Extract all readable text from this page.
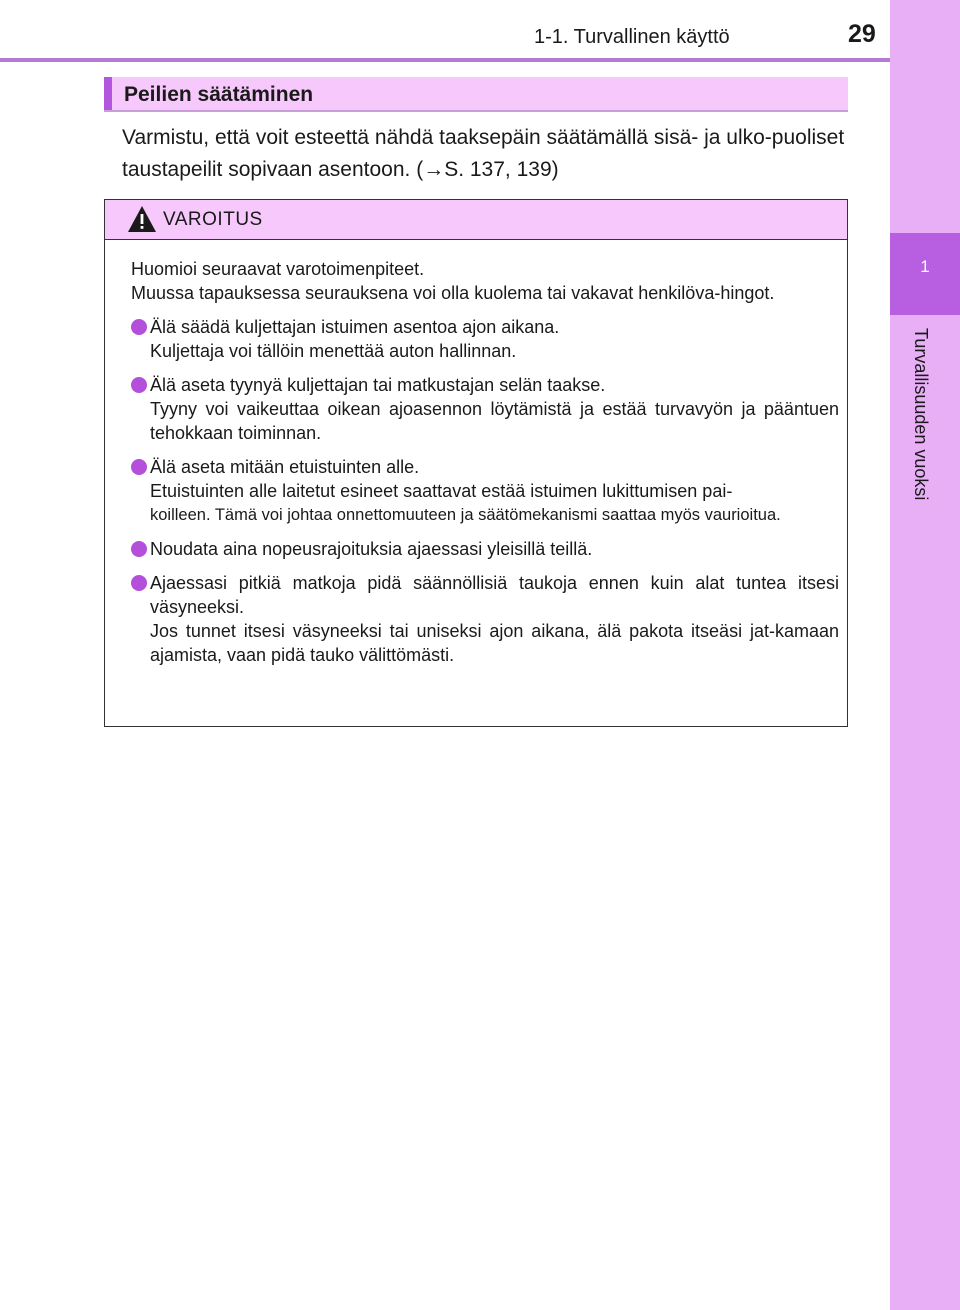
1-1. Turvallinen käyttö	29
1
Turvallisuuden vuoksi
Peilien säätäminen
Varmistu, että voit esteettä nähdä taaksepäin säätämällä sisä- ja ulko-puoliset taustapeilit sopivaan asentoon. (→S. 137, 139)
VAROITUS
Huomioi seuraavat varotoimenpiteet.
Muussa tapauksessa seurauksena voi olla kuolema tai vakavat henkilöva-hingot.
Älä säädä kuljettajan istuimen asentoa ajon aikana.
Kuljettaja voi tällöin menettää auton hallinnan.
Älä aseta tyynyä kuljettajan tai matkustajan selän taakse.
Tyyny voi vaikeuttaa oikean ajoasennon löytämistä ja estää turvavyön ja pääntuen tehokkaan toiminnan.
Älä aseta mitään etuistuinten alle.
Etuistuinten alle laitetut esineet saattavat estää istuimen lukittumisen pai-
koilleen. Tämä voi johtaa onnettomuuteen ja säätömekanismi saattaa myös vaurioitua.
Noudata aina nopeusrajoituksia ajaessasi yleisillä teillä.
Ajaessasi pitkiä matkoja pidä säännöllisiä taukoja ennen kuin alat tuntea itsesi väsyneeksi.
Jos tunnet itsesi väsyneeksi tai uniseksi ajon aikana, älä pakota itseäsi jat-kamaan ajamista, vaan pidä tauko välittömästi.
